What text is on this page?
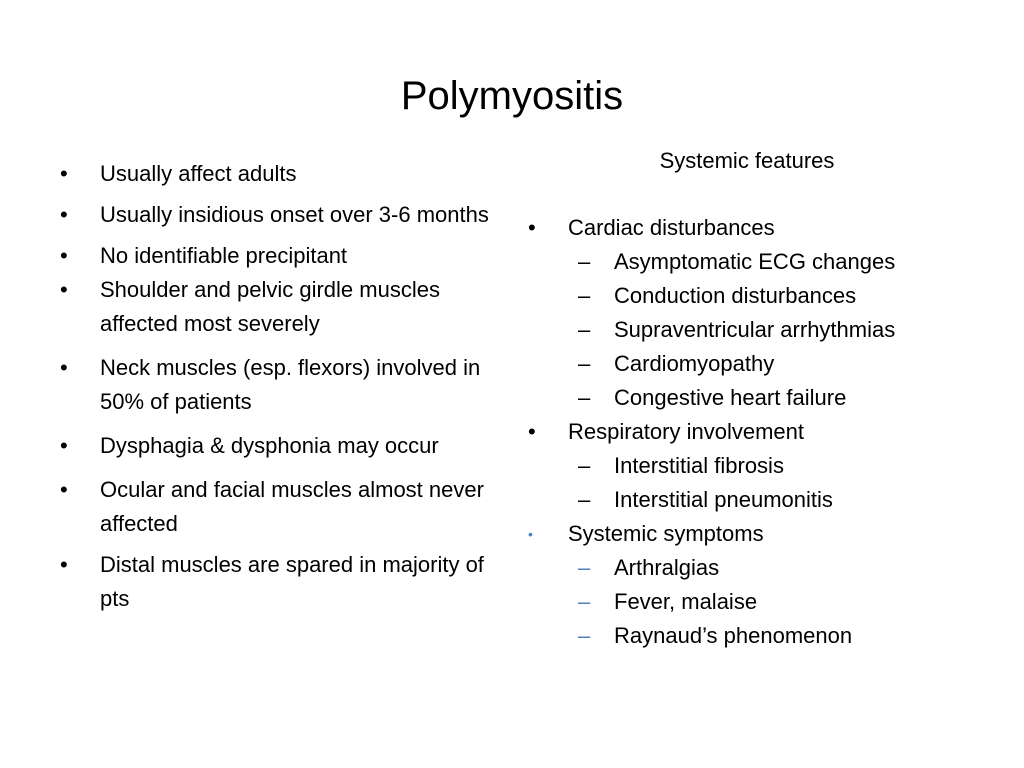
Polymyositis
•	Usually affect adults
•	Usually insidious onset over 3-6 months
•	No identifiable precipitant
•	Shoulder and pelvic girdle muscles affected most severely
•	Neck muscles (esp. flexors) involved in 50% of patients
•	Dysphagia & dysphonia may occur
•	Ocular and facial muscles almost never affected
•	Distal muscles are spared in majority of pts
Systemic features
•	Cardiac disturbances
– Asymptomatic ECG changes
– Conduction disturbances
– Supraventricular arrhythmias
– Cardiomyopathy
– Congestive heart failure
•	Respiratory involvement
– Interstitial fibrosis
– Interstitial pneumonitis
•	Systemic symptoms
– Arthralgias
– Fever, malaise
– Raynaud’s phenomenon
